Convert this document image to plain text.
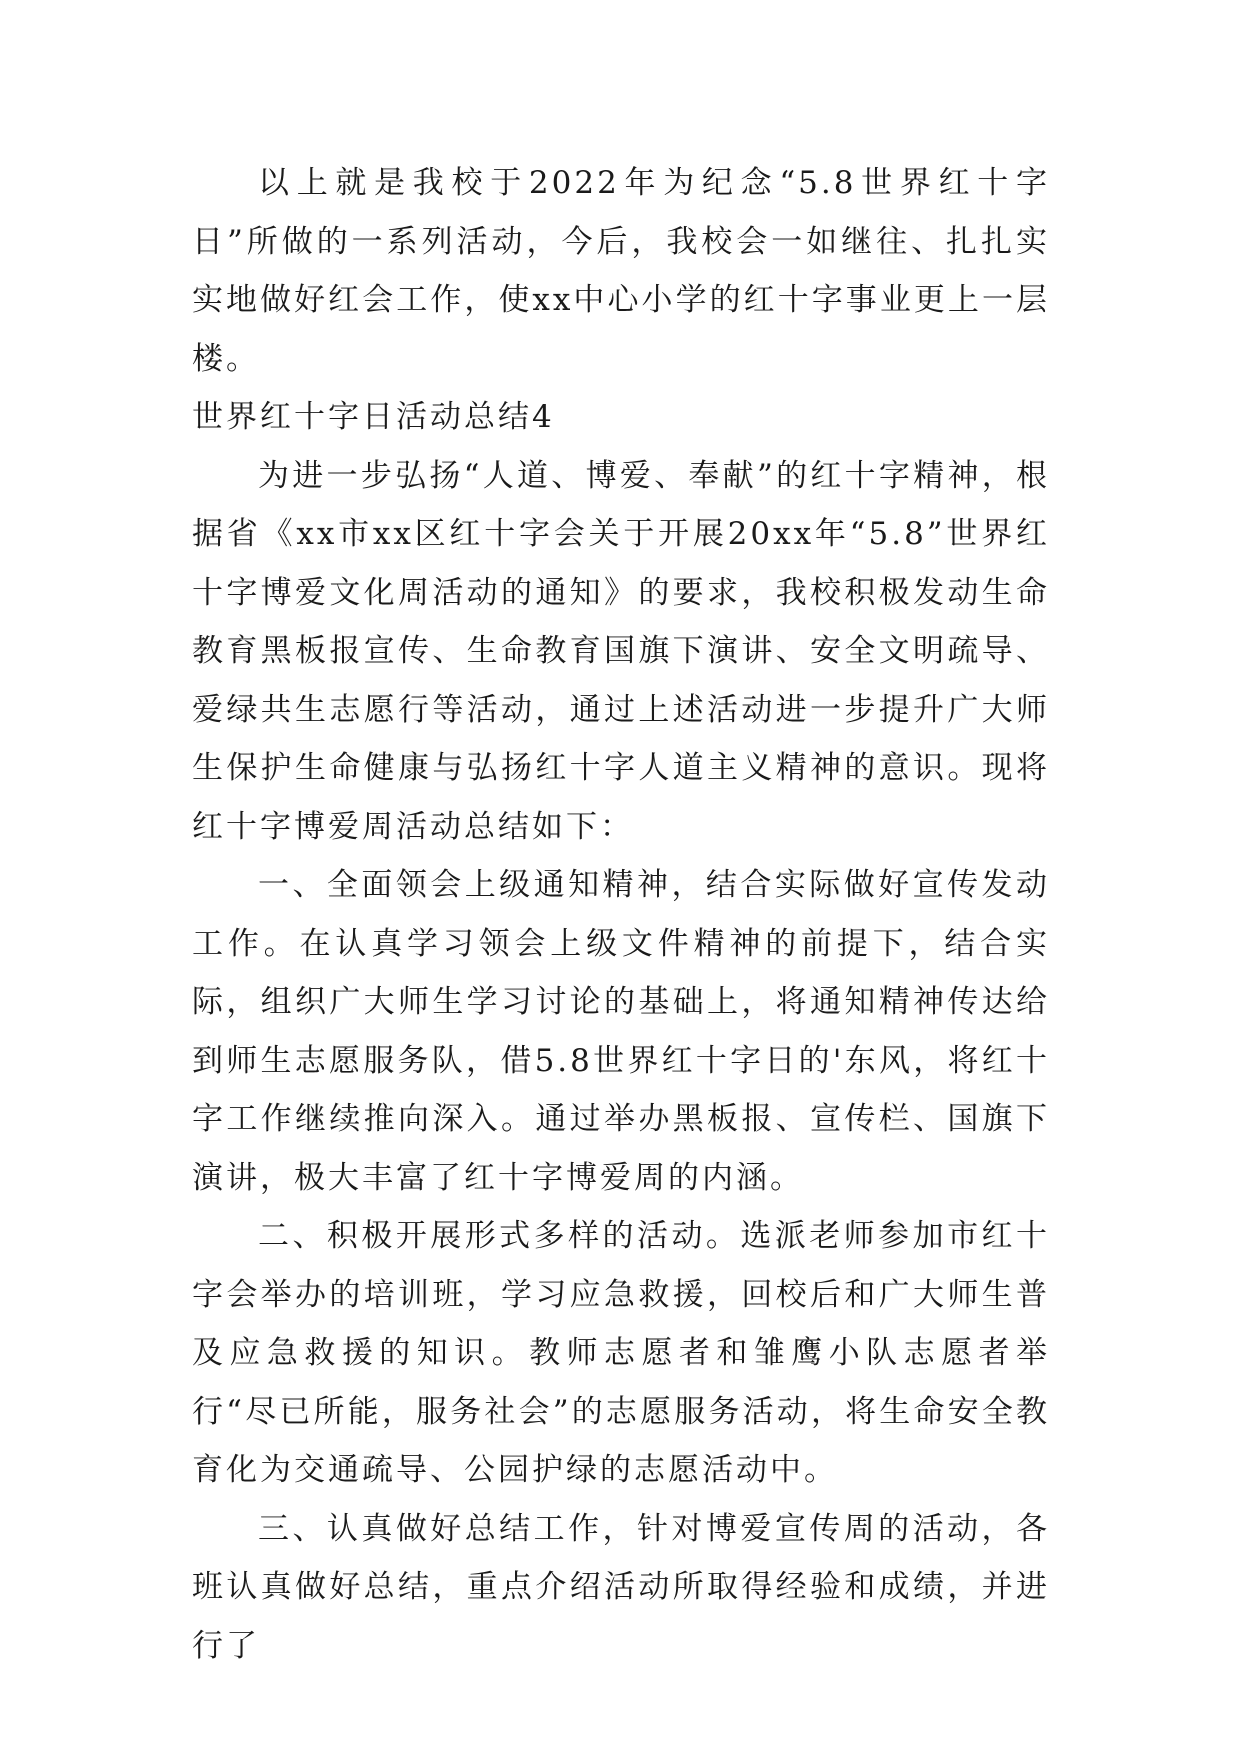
以上就是我校于2022年为纪念“5.8世界红十字日”所做的一系列活动，今后，我校会一如继往、扎扎实实地做好红会工作，使xx中心小学的红十字事业更上一层楼。

世界红十字日活动总结4

为进一步弘扬“人道、博爱、奉献”的红十字精神，根据省《xx市xx区红十字会关于开展20xx年“5.8”世界红十字博爱文化周活动的通知》的要求，我校积极发动生命教育黑板报宣传、生命教育国旗下演讲、安全文明疏导、爱绿共生志愿行等活动，通过上述活动进一步提升广大师生保护生命健康与弘扬红十字人道主义精神的意识。现将红十字博爱周活动总结如下：

一、全面领会上级通知精神，结合实际做好宣传发动工作。在认真学习领会上级文件精神的前提下，结合实际，组织广大师生学习讨论的基础上，将通知精神传达给到师生志愿服务队，借5.8世界红十字日的'东风，将红十字工作继续推向深入。通过举办黑板报、宣传栏、国旗下演讲，极大丰富了红十字博爱周的内涵。

二、积极开展形式多样的活动。选派老师参加市红十字会举办的培训班，学习应急救援，回校后和广大师生普及应急救援的知识。教师志愿者和雏鹰小队志愿者举行“尽已所能，服务社会”的志愿服务活动，将生命安全教育化为交通疏导、公园护绿的志愿活动中。

三、认真做好总结工作，针对博爱宣传周的活动，各班认真做好总结，重点介绍活动所取得经验和成绩，并进行了
